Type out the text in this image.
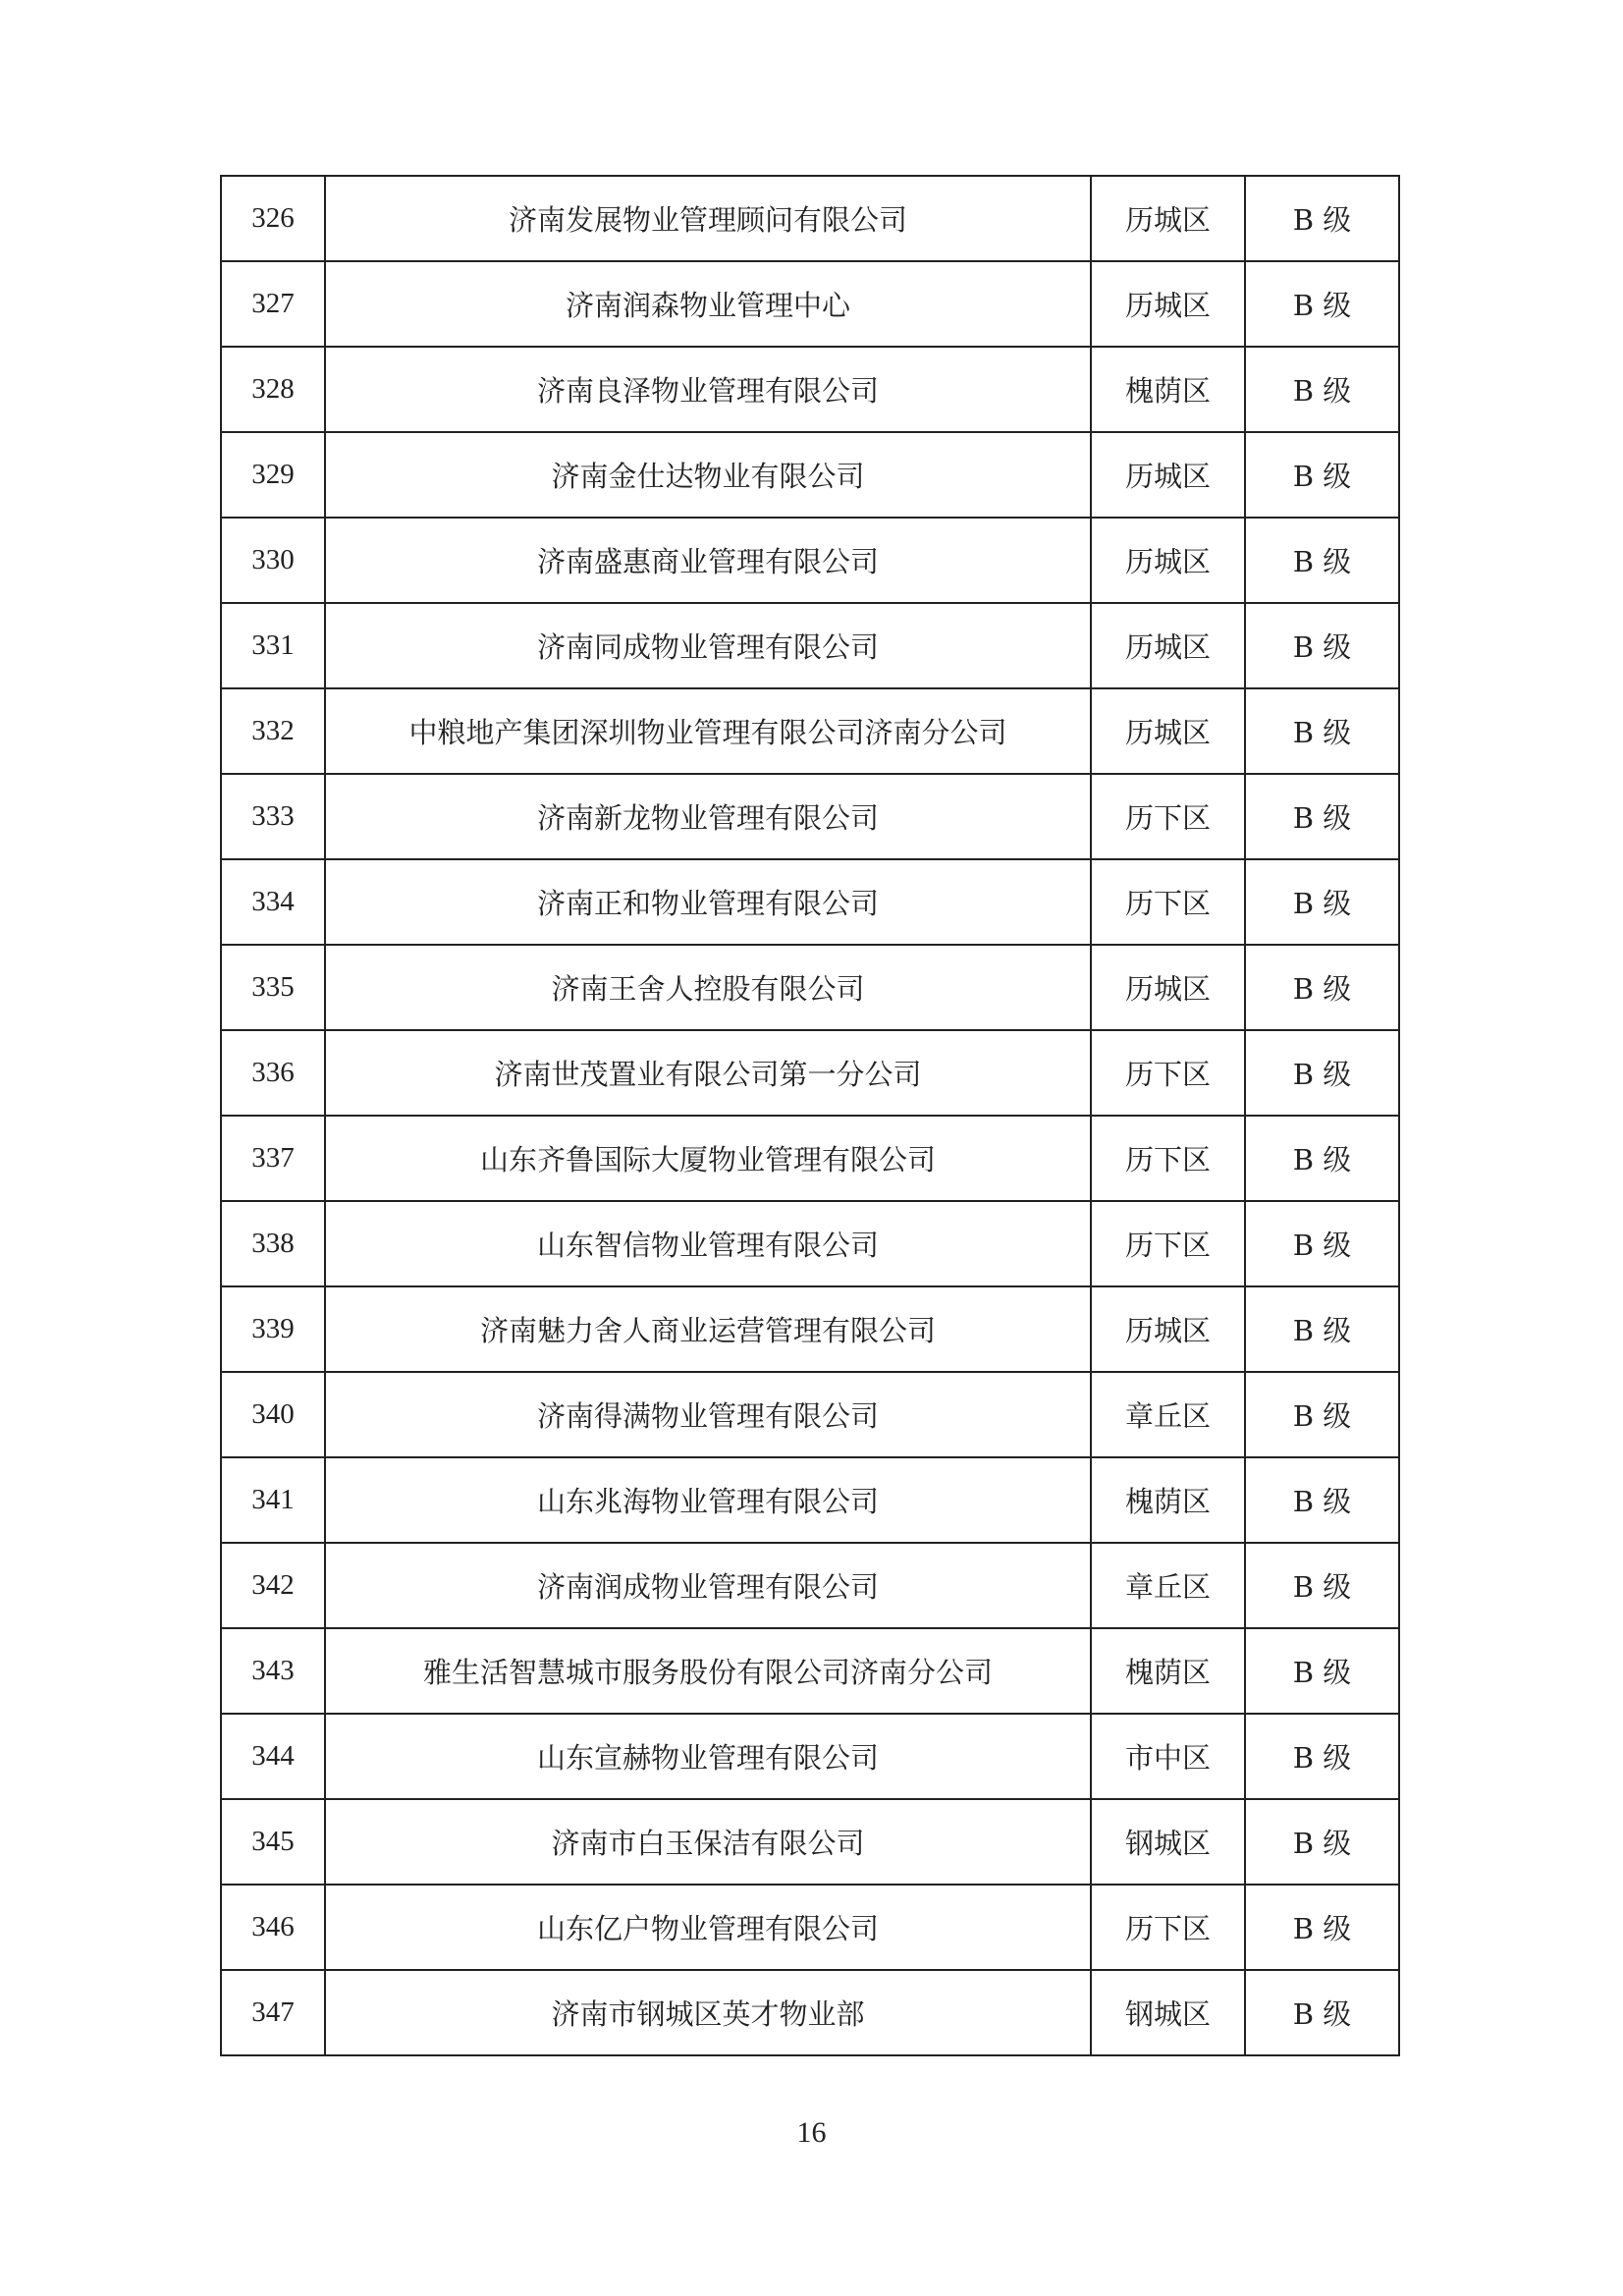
326	济南发展物业管理顾问有限公司	历城区	B 级
327	济南润森物业管理中心	历城区	B 级
328	济南良泽物业管理有限公司	槐荫区	B 级
329	济南金仕达物业有限公司	历城区	B 级
330	济南盛惠商业管理有限公司	历城区	B 级
331	济南同成物业管理有限公司	历城区	B 级
332	中粮地产集团深圳物业管理有限公司济南分公司	历城区	B 级
333	济南新龙物业管理有限公司	历下区	B 级
334	济南正和物业管理有限公司	历下区	B 级
335	济南王舍人控股有限公司	历城区	B 级
336	济南世茂置业有限公司第一分公司	历下区	B 级
337	山东齐鲁国际大厦物业管理有限公司	历下区	B 级
338	山东智信物业管理有限公司	历下区	B 级
339	济南魅力舍人商业运营管理有限公司	历城区	B 级
340	济南得满物业管理有限公司	章丘区	B 级
341	山东兆海物业管理有限公司	槐荫区	B 级
342	济南润成物业管理有限公司	章丘区	B 级
343	雅生活智慧城市服务股份有限公司济南分公司	槐荫区	B 级
344	山东宣赫物业管理有限公司	市中区	B 级
345	济南市白玉保洁有限公司	钢城区	B 级
346	山东亿户物业管理有限公司	历下区	B 级
347	济南市钢城区英才物业部	钢城区	B 级
16
